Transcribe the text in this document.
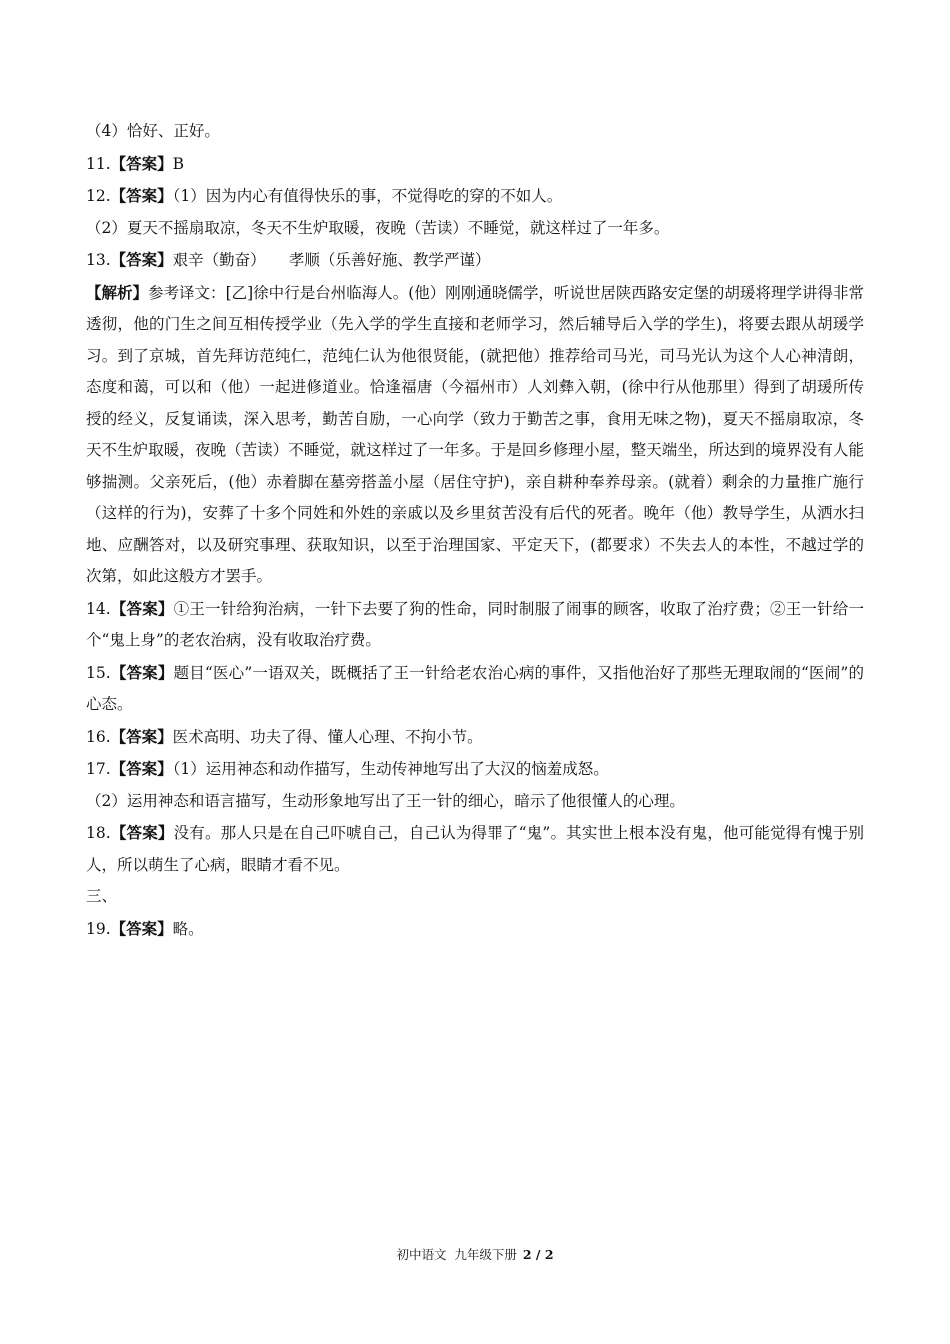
（4）恰好、正好。

11.【答案】B

12.【答案】（1）因为内心有值得快乐的事，不觉得吃的穿的不如人。

（2）夏天不摇扇取凉，冬天不生炉取暖，夜晚（苦读）不睡觉，就这样过了一年多。

13.【答案】艰辛（勤奋）　　孝顺（乐善好施、教学严谨）

【解析】参考译文：[乙]徐中行是台州临海人。(他）刚刚通晓儒学，听说世居陕西路安定堡的胡瑗将理学讲得非常透彻，他的门生之间互相传授学业（先入学的学生直接和老师学习，然后辅导后入学的学生)，将要去跟从胡瑗学习。到了京城，首先拜访范纯仁，范纯仁认为他很贤能，(就把他）推荐给司马光，司马光认为这个人心神清朗，态度和蔼，可以和（他）一起进修道业。恰逢福唐（今福州市）人刘彝入朝，(徐中行从他那里）得到了胡瑗所传授的经义，反复诵读，深入思考，勤苦自励，一心向学（致力于勤苦之事，食用无味之物)，夏天不摇扇取凉，冬天不生炉取暖，夜晚（苦读）不睡觉，就这样过了一年多。于是回乡修理小屋，整天端坐，所达到的境界没有人能够揣测。父亲死后，(他）赤着脚在墓旁搭盖小屋（居住守护)，亲自耕种奉养母亲。(就着）剩余的力量推广施行（这样的行为)，安葬了十多个同姓和外姓的亲戚以及乡里贫苦没有后代的死者。晚年（他）教导学生，从洒水扫地、应酬答对，以及研究事理、获取知识，以至于治理国家、平定天下，(都要求）不失去人的本性，不越过学的次第，如此这般方才罢手。

14.【答案】①王一针给狗治病，一针下去要了狗的性命，同时制服了闹事的顾客，收取了治疗费；②王一针给一个“鬼上身”的老农治病，没有收取治疗费。

15.【答案】题目“医心”一语双关，既概括了王一针给老农治心病的事件，又指他治好了那些无理取闹的“医闹”的心态。

16.【答案】医术高明、功夫了得、懂人心理、不拘小节。

17.【答案】（1）运用神态和动作描写，生动传神地写出了大汉的恼羞成怒。

（2）运用神态和语言描写，生动形象地写出了王一针的细心，暗示了他很懂人的心理。

18.【答案】没有。那人只是在自己吓唬自己，自己认为得罪了“鬼”。其实世上根本没有鬼，他可能觉得有愧于别人，所以萌生了心病，眼睛才看不见。

三、

19.【答案】略。

初中语文  九年级下册 2 / 2
